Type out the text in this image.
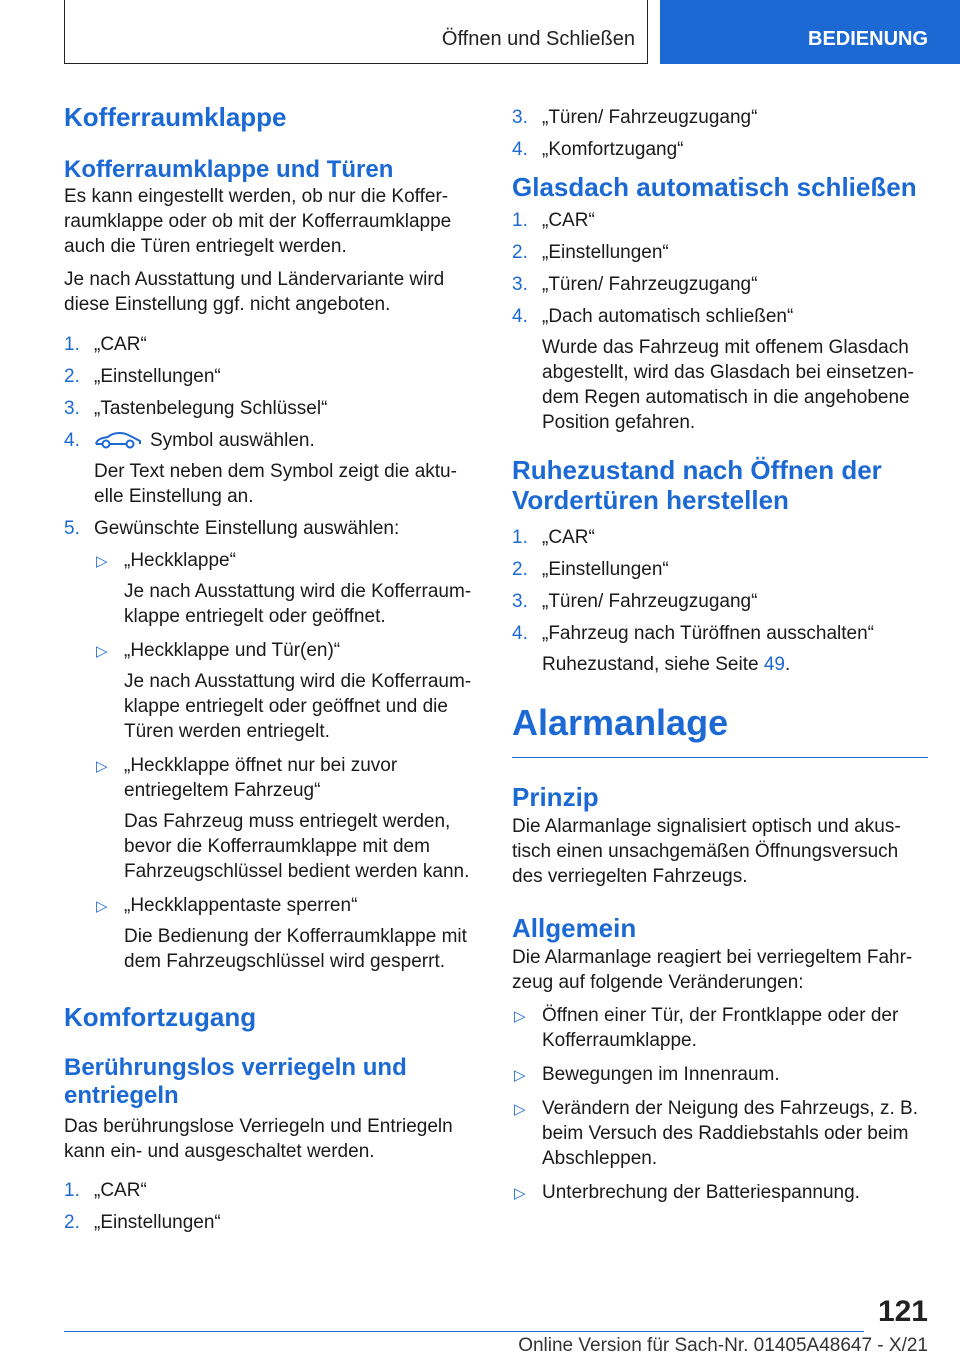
Öffnen und Schließen	BEDIENUNG
Kofferraumklappe
Kofferraumklappe und Türen

Es kann eingestellt werden, ob nur die Kofferraumklappe oder ob mit der Kofferraumklappe auch die Türen entriegelt werden.

Je nach Ausstattung und Ländervariante wird diese Einstellung ggf. nicht angeboten.

1. „CAR“
2. „Einstellungen“
3. „Tastenbelegung Schlüssel“
4.	Symbol auswählen.
Der Text neben dem Symbol zeigt die aktuelle Einstellung an.
5. Gewünschte Einstellung auswählen:
▷ „Heckklappe“
Je nach Ausstattung wird die Kofferraumklappe entriegelt oder geöffnet.
▷ „Heckklappe und Tür(en)“
Je nach Ausstattung wird die Kofferraumklappe entriegelt oder geöffnet und die Türen werden entriegelt.
▷ „Heckklappe öffnet nur bei zuvor entriegeltem Fahrzeug“
Das Fahrzeug muss entriegelt werden, bevor die Kofferraumklappe mit dem Fahrzeugschlüssel bedient werden kann.
▷ „Heckklappentaste sperren“
Die Bedienung der Kofferraumklappe mit dem Fahrzeugschlüssel wird gesperrt.
Komfortzugang
Berührungslos verriegeln und entriegeln

Das berührungslose Verriegeln und Entriegeln kann ein- und ausgeschaltet werden.

1. „CAR“
2. „Einstellungen“
3. „Türen/ Fahrzeugzugang“
4. „Komfortzugang“
Glasdach automatisch schließen
1. „CAR“
2. „Einstellungen“
3. „Türen/ Fahrzeugzugang“
4. „Dach automatisch schließen“
Wurde das Fahrzeug mit offenem Glasdach abgestellt, wird das Glasdach bei einsetzendem Regen automatisch in die angehobene Position gefahren.
Ruhezustand nach Öffnen der Vordertüren herstellen
1. „CAR“
2. „Einstellungen“
3. „Türen/ Fahrzeugzugang“
4. „Fahrzeug nach Türöffnen ausschalten“
Ruhezustand, siehe Seite 49.
Alarmanlage
Prinzip

Die Alarmanlage signalisiert optisch und akustisch einen unsachgemäßen Öffnungsversuch des verriegelten Fahrzeugs.

Allgemein

Die Alarmanlage reagiert bei verriegeltem Fahrzeug auf folgende Veränderungen:

▷ Öffnen einer Tür, der Frontklappe oder der Kofferraumklappe.
▷ Bewegungen im Innenraum.
▷ Verändern der Neigung des Fahrzeugs, z. B. beim Versuch des Raddiebstahls oder beim Abschleppen.
▷ Unterbrechung der Batteriespannung.
121
Online Version für Sach-Nr. 01405A48647 - X/21
